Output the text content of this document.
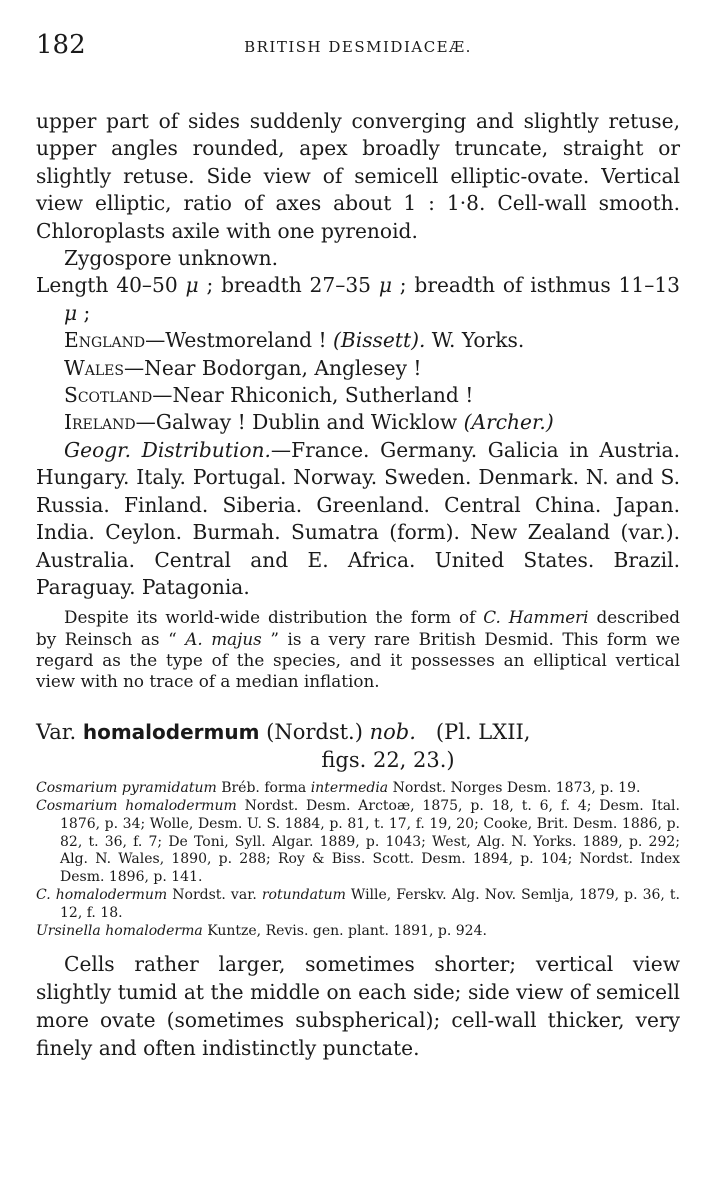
182	BRITISH DESMIDIACEÆ.

upper part of sides suddenly converging and slightly retuse, upper angles rounded, apex broadly truncate, straight or slightly retuse. Side view of semicell elliptic-ovate. Vertical view elliptic, ratio of axes about 1 : 1·8. Cell-wall smooth. Chloroplasts axile with one pyrenoid.

Zygospore unknown.

Length 40–50 μ ; breadth 27–35 μ ; breadth of isthmus 11–13 μ ;

England—Westmoreland ! (Bissett). W. Yorks.

Wales—Near Bodorgan, Anglesey !

Scotland—Near Rhiconich, Sutherland !

Ireland—Galway ! Dublin and Wicklow (Archer.)

Geogr. Distribution.—France. Germany. Galicia in Austria. Hungary. Italy. Portugal. Norway. Sweden. Denmark. N. and S. Russia. Finland. Siberia. Greenland. Central China. Japan. India. Ceylon. Burmah. Sumatra (form). New Zealand (var.). Australia. Central and E. Africa. United States. Brazil. Paraguay. Patagonia.

Despite its world-wide distribution the form of C. Hammeri described by Reinsch as “ A. majus ” is a very rare British Desmid. This form we regard as the type of the species, and it possesses an elliptical vertical view with no trace of a median inflation.

Var. homalodermum (Nordst.) nob. (Pl. LXII,
figs. 22, 23.)
Cosmarium pyramidatum Bréb. forma intermedia Nordst. Norges Desm. 1873, p. 19.
Cosmarium homalodermum Nordst. Desm. Arctoæ, 1875, p. 18, t. 6, f. 4; Desm. Ital. 1876, p. 34; Wolle, Desm. U. S. 1884, p. 81, t. 17, f. 19, 20; Cooke, Brit. Desm. 1886, p. 82, t. 36, f. 7; De Toni, Syll. Algar. 1889, p. 1043; West, Alg. N. Yorks. 1889, p. 292; Alg. N. Wales, 1890, p. 288; Roy & Biss. Scott. Desm. 1894, p. 104; Nordst. Index Desm. 1896, p. 141.
C. homalodermum Nordst. var. rotundatum Wille, Ferskv. Alg. Nov. Semlja, 1879, p. 36, t. 12, f. 18.
Ursinella homaloderma Kuntze, Revis. gen. plant. 1891, p. 924.

Cells rather larger, sometimes shorter; vertical view slightly tumid at the middle on each side; side view of semicell more ovate (sometimes subspherical); cell-wall thicker, very finely and often indistinctly punctate.
